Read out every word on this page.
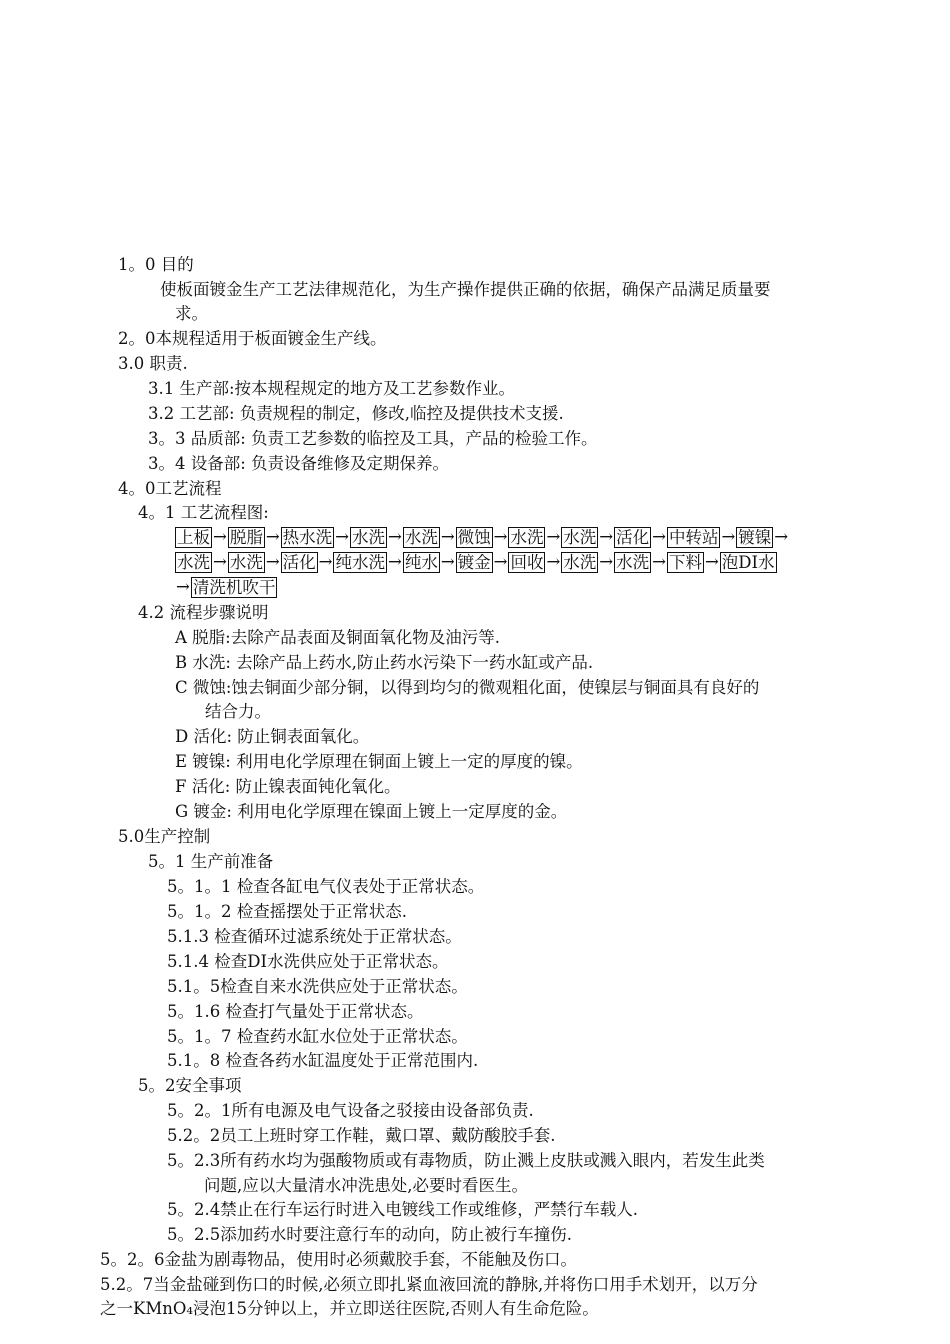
1。0 目的
使板面镀金生产工艺法律规范化，为生产操作提供正确的依据，确保产品满足质量要
求。
2。0本规程适用于板面镀金生产线。
3.0 职责.
3.1 生产部:按本规程规定的地方及工艺参数作业。
3.2 工艺部: 负责规程的制定，修改,临控及提供技术支援.
3。3 品质部: 负责工艺参数的临控及工具，产品的检验工作。
3。4 设备部: 负责设备维修及定期保养。
4。0工艺流程
4。1 工艺流程图:
上板 → 脱脂 → 热水洗 → 水洗 → 水洗 → 微蚀 → 水洗 → 水洗 → 活化 → 中转站 → 镀镍 →
水洗 → 水洗 → 活化 → 纯水洗 → 纯水 → 镀金 → 回收 → 水洗 → 水洗 → 下料 → 泡DI水
→ 清洗机吹干
4.2 流程步骤说明
A 脱脂:去除产品表面及铜面氧化物及油污等.
B 水洗: 去除产品上药水,防止药水污染下一药水缸或产品.
C 微蚀:蚀去铜面少部分铜，以得到均匀的微观粗化面，使镍层与铜面具有良好的
结合力。
D 活化: 防止铜表面氧化。
E 镀镍: 利用电化学原理在铜面上镀上一定的厚度的镍。
F 活化: 防止镍表面钝化氧化。
G 镀金: 利用电化学原理在镍面上镀上一定厚度的金。
5.0生产控制
5。1 生产前准备
5。1。1 检查各缸电气仪表处于正常状态。
5。1。2 检查摇摆处于正常状态.
5.1.3 检查循环过滤系统处于正常状态。
5.1.4 检查DI水洗供应处于正常状态。
5.1。5检查自来水洗供应处于正常状态。
5。1.6 检查打气量处于正常状态。
5。1。7 检查药水缸水位处于正常状态。
5.1。8 检查各药水缸温度处于正常范围内.
5。2安全事项
5。2。1所有电源及电气设备之驳接由设备部负责.
5.2。2员工上班时穿工作鞋，戴口罩、戴防酸胶手套.
5。2.3所有药水均为强酸物质或有毒物质，防止溅上皮肤或溅入眼内，若发生此类
问题,应以大量清水冲洗患处,必要时看医生。
5。2.4禁止在行车运行时进入电镀线工作或维修，严禁行车载人.
5。2.5添加药水时要注意行车的动向，防止被行车撞伤.
5。2。6金盐为剧毒物品，使用时必须戴胶手套，不能触及伤口。
5.2。7当金盐碰到伤口的时候,必须立即扎紧血液回流的静脉,并将伤口用手术划开，以万分
之一KMnO₄浸泡15分钟以上，并立即送往医院,否则人有生命危险。
